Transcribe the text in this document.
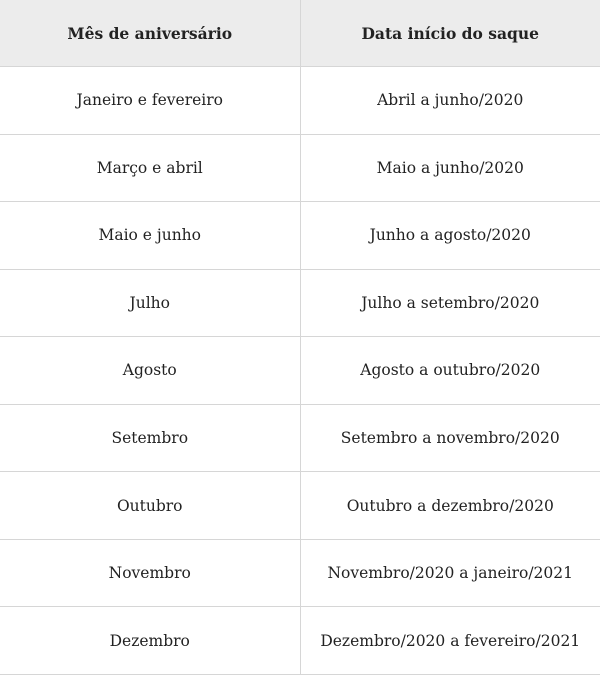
Mês de aniversário	Data início do saque
Janeiro e fevereiro	Abril a junho/2020
Março e abril	Maio a junho/2020
Maio e junho	Junho a agosto/2020
Julho	Julho a setembro/2020
Agosto	Agosto a outubro/2020
Setembro	Setembro a novembro/2020
Outubro	Outubro a dezembro/2020
Novembro	Novembro/2020 a janeiro/2021
Dezembro	Dezembro/2020 a fevereiro/2021
